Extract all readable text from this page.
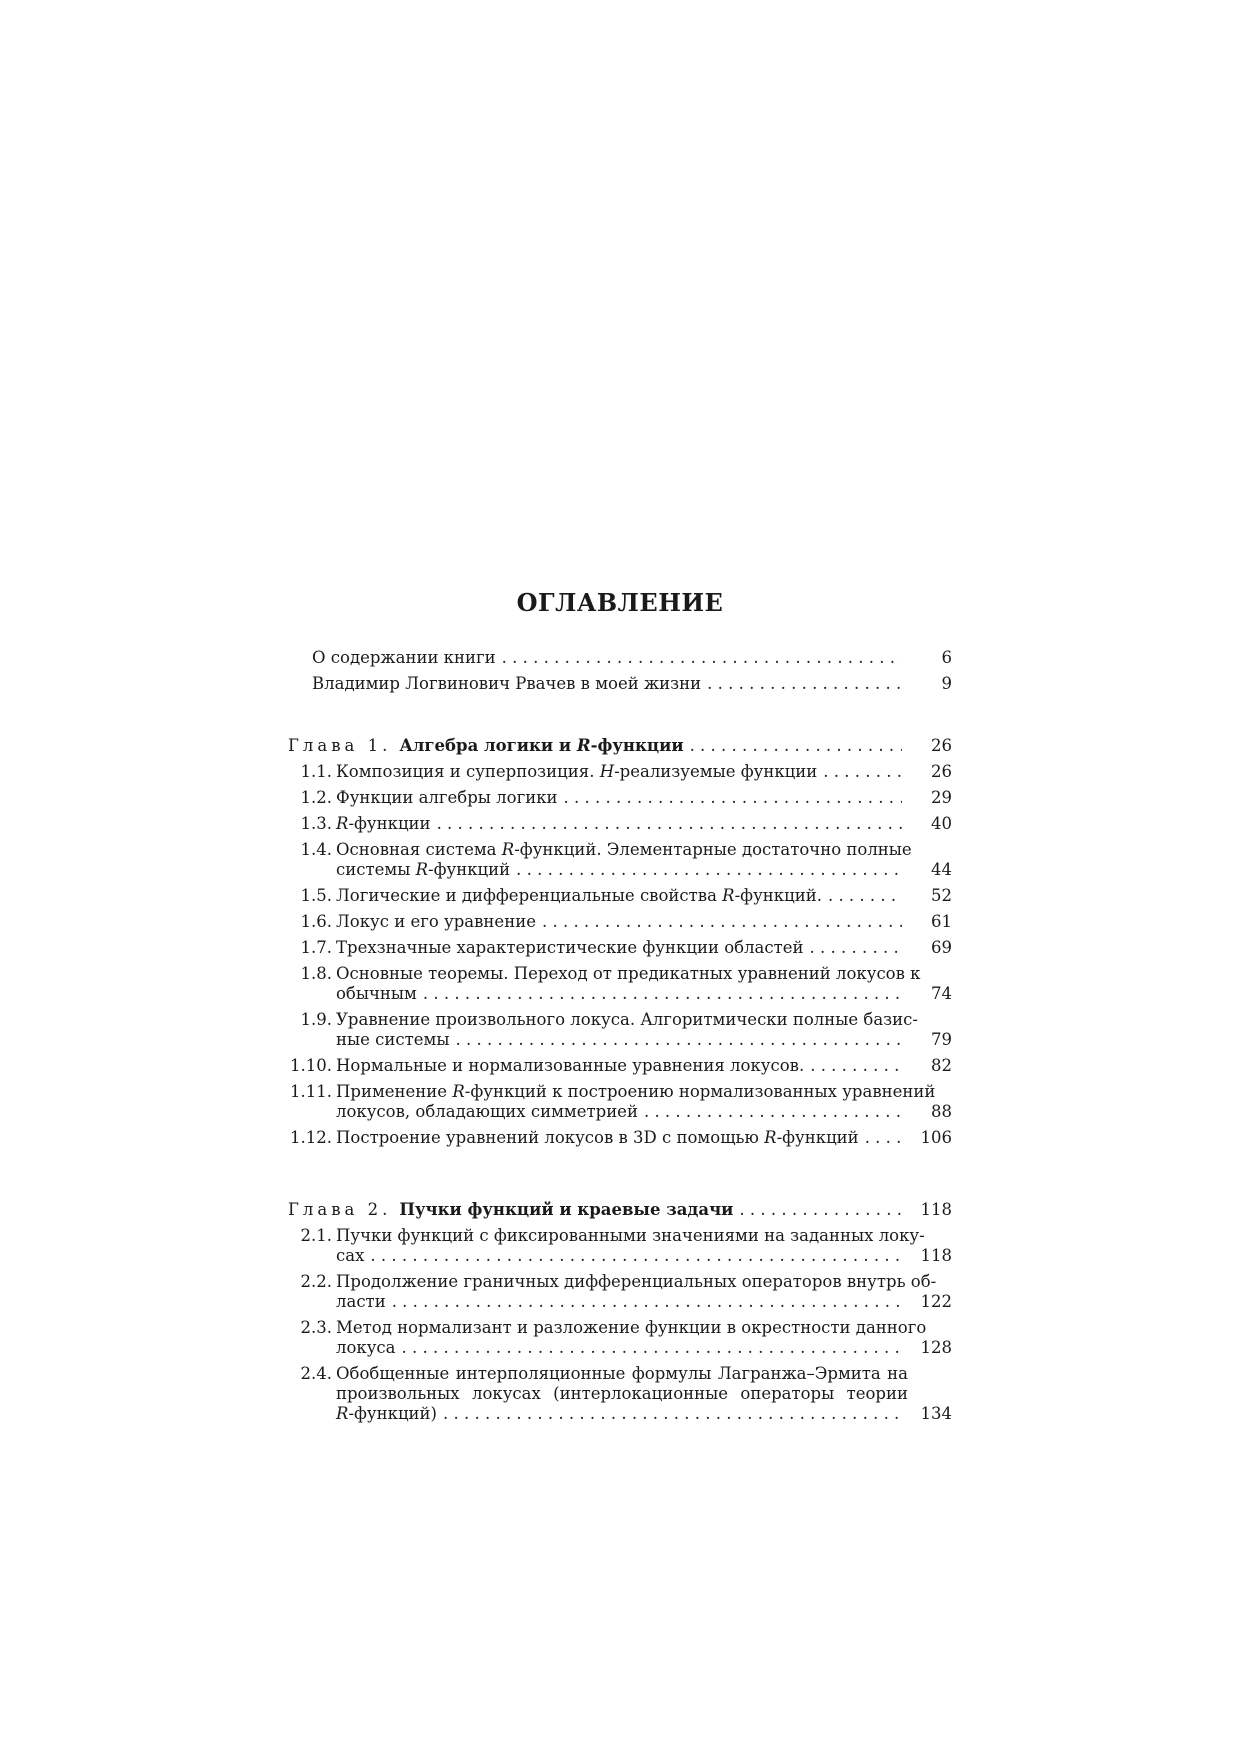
ОГЛАВЛЕНИЕ
О содержании книги . . .	6
Владимир Логвинович Рвачев в моей жизни . . .	9
Глава 1. Алгебра логики и R-функции . . .	26
1.1. Композиция и суперпозиция. H-реализуемые функции . . .	26
1.2. Функции алгебры логики . . .	29
1.3. R-функции . . .	40
1.4. Основная система R-функций. Элементарные достаточно полные
системы R-функций . . .	44
1.5. Логические и дифференциальные свойства R-функций. . . .	52
1.6. Локус и его уравнение . . .	61
1.7. Трехзначные характеристические функции областей . . .	69
1.8. Основные теоремы. Переход от предикатных уравнений локусов к
обычным . . .	74
1.9. Уравнение произвольного локуса. Алгоритмически полные базис-
ные системы . . .	79
1.10. Нормальные и нормализованные уравнения локусов. . . .	82
1.11. Применение R-функций к построению нормализованных уравнений
локусов, обладающих симметрией . . .	88
1.12. Построение уравнений локусов в 3D с помощью R-функций . . .	106
Глава 2. Пучки функций и краевые задачи . . .	118
2.1. Пучки функций с фиксированными значениями на заданных локу-
сах . . .	118
2.2. Продолжение граничных дифференциальных операторов внутрь об-
ласти . . .	122
2.3. Метод нормализант и разложение функции в окрестности данного
локуса . . .	128
2.4. Обобщенные интерполяционные формулы Лагранжа–Эрмита на
произвольных локусах (интерлокационные операторы теории
R-функций) . . .	134
